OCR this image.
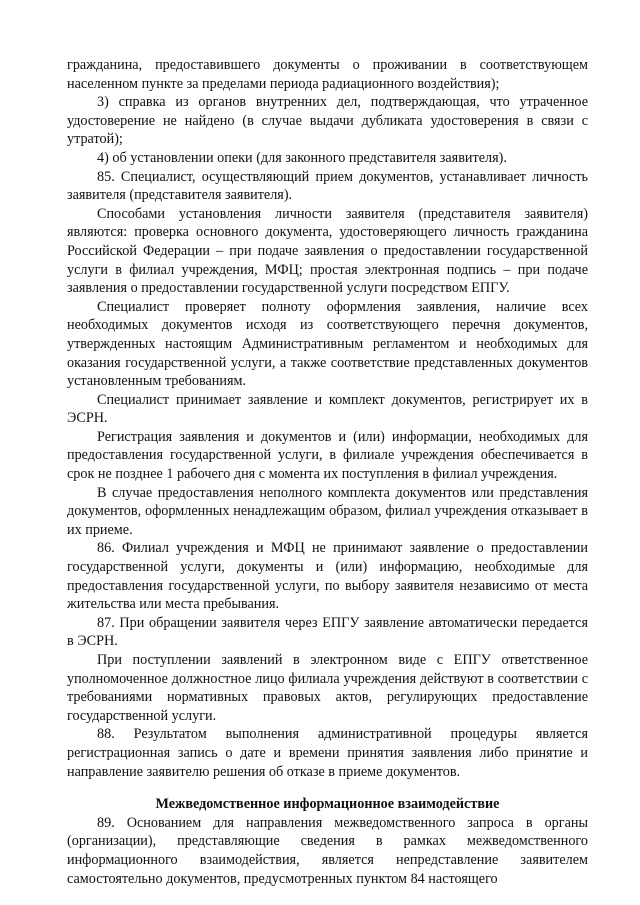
гражданина, предоставившего документы о проживании в соответствующем населенном пункте за пределами периода радиационного воздействия);

3) справка из органов внутренних дел, подтверждающая, что утраченное удостоверение не найдено (в случае выдачи дубликата удостоверения в связи с утратой);

4) об установлении опеки (для законного представителя заявителя).

85. Специалист, осуществляющий прием документов, устанавливает личность заявителя (представителя заявителя).

Способами установления личности заявителя (представителя заявителя) являются: проверка основного документа, удостоверяющего личность гражданина Российской Федерации – при подаче заявления о предоставлении государственной услуги в филиал учреждения, МФЦ; простая электронная подпись – при подаче заявления о предоставлении государственной услуги посредством ЕПГУ.

Специалист проверяет полноту оформления заявления, наличие всех необходимых документов исходя из соответствующего перечня документов, утвержденных настоящим Административным регламентом и необходимых для оказания государственной услуги, а также соответствие представленных документов установленным требованиям.

Специалист принимает заявление и комплект документов, регистрирует их в ЭСРН.

Регистрация заявления и документов и (или) информации, необходимых для предоставления государственной услуги, в филиале учреждения обеспечивается в срок не позднее 1 рабочего дня с момента их поступления в филиал учреждения.

В случае предоставления неполного комплекта документов или представления документов, оформленных ненадлежащим образом, филиал учреждения отказывает в их приеме.

86. Филиал учреждения и МФЦ не принимают заявление о предоставлении государственной услуги, документы и (или) информацию, необходимые для предоставления государственной услуги, по выбору заявителя независимо от места жительства или места пребывания.

87. При обращении заявителя через ЕПГУ заявление автоматически передается в ЭСРН.

При поступлении заявлений в электронном виде с ЕПГУ ответственное уполномоченное должностное лицо филиала учреждения действуют в соответствии с требованиями нормативных правовых актов, регулирующих предоставление государственной услуги.

88. Результатом выполнения административной процедуры является регистрационная запись о дате и времени принятия заявления либо принятие и направление заявителю решения об отказе в приеме документов.

Межведомственное информационное взаимодействие

89. Основанием для направления межведомственного запроса в органы (организации), представляющие сведения в рамках межведомственного информационного взаимодействия, является непредставление заявителем самостоятельно документов, предусмотренных пунктом 84 настоящего
